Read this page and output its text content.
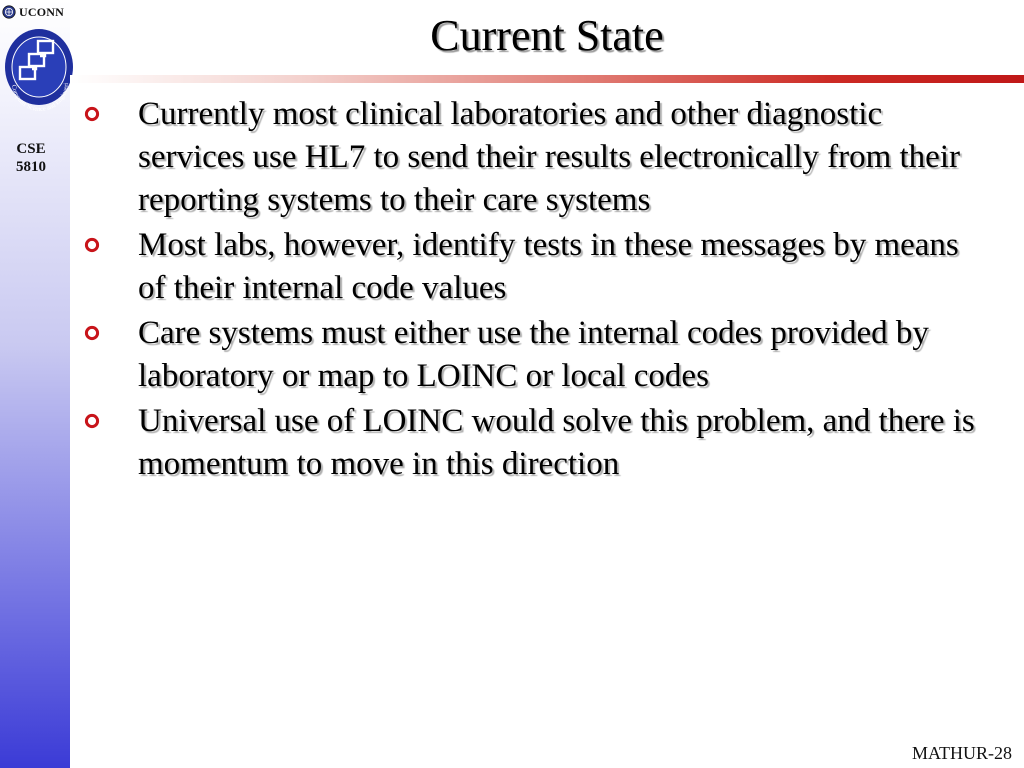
UCONN
Computer Science and Engineeri
CSE
5810
Current State
Currently most clinical laboratories and other diagnostic services use HL7 to send their results electronically from their reporting systems to their care systems
Most labs, however, identify tests in these messages by means of their internal code values
Care systems must either use the internal codes provided by laboratory or map to LOINC or local codes
Universal use of LOINC would solve this problem, and there is momentum to move in this direction
MATHUR-28
